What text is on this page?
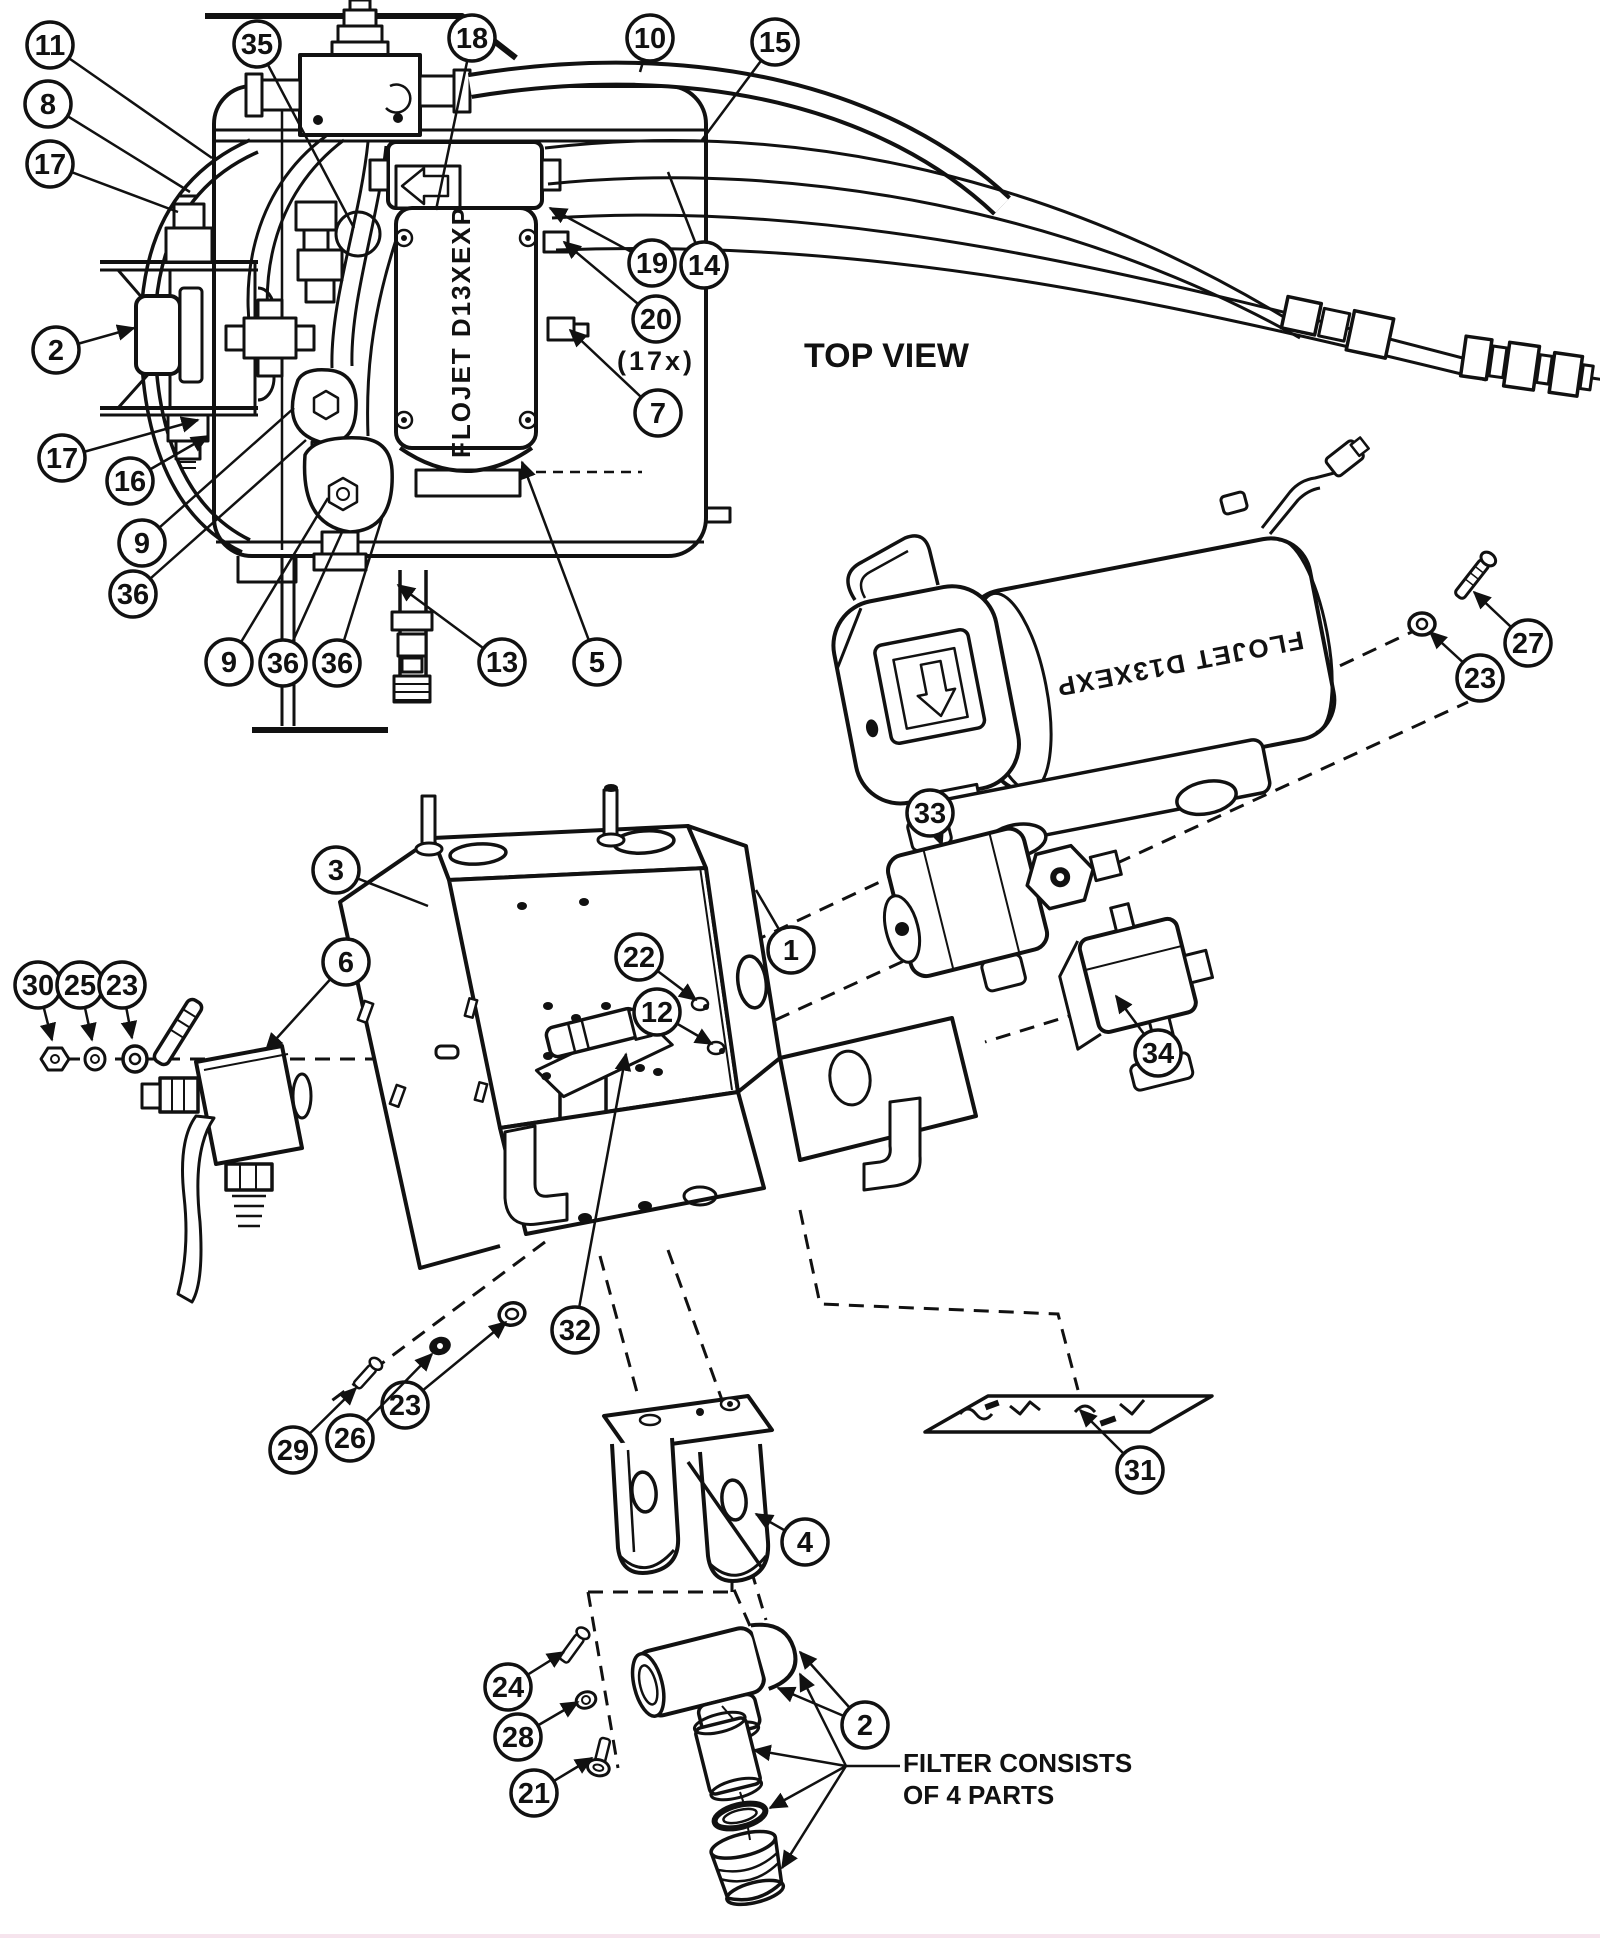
FLOJET D13XEXP
FLOJET D13XEXP
TOP VIEW
(17x)
FILTER CONSISTS
OF 4 PARTS
11
8
17
2
17
16
9
36
9 36 36	13 5
35	18	10	15
19 14
20
7
27
23
33
1
3
6
30 25 23
22
12
34
32
23
26
29
31
4
24
28
21
2
